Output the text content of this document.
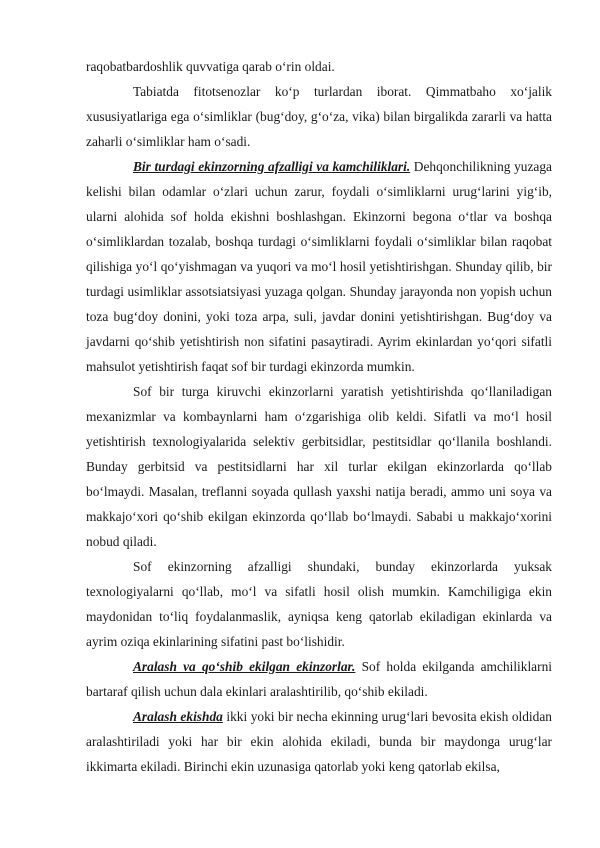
raqobatbardoshlik quvvatiga qarab o‘rin oldai.

Tabiatda fitotsenozlar ko‘p turlardan iborat. Qimmatbaho xo‘jalik xususiyatlariga ega o‘simliklar (bug‘doy, g‘o‘za, vika) bilan birgalikda zararli va hatta zaharli o‘simliklar ham o‘sadi.

Bir turdagi ekinzorning afzalligi va kamchiliklari. Dehqonchilikning yuzaga kelishi bilan odamlar o‘zlari uchun zarur, foydali o‘simliklarni urug‘larini yig‘ib, ularni alohida sof holda ekishni boshlashgan. Ekinzorni begona o‘tlar va boshqa o‘simliklardan tozalab, boshqa turdagi o‘simliklarni foydali o‘simliklar bilan raqobat qilishiga yo‘l qo‘yishmagan va yuqori va mo‘l hosil yetishtirishgan. Shunday qilib, bir turdagi usimliklar assotsiatsiyasi yuzaga qolgan. Shunday jarayonda non yopish uchun toza bug‘doy donini, yoki toza arpa, suli, javdar donini yetishtirishgan. Bug‘doy va javdarni qo‘shib yetishtirish non sifatini pasaytiradi. Ayrim ekinlardan yo‘qori sifatli mahsulot yetishtirish faqat sof bir turdagi ekinzorda mumkin.

Sof bir turga kiruvchi ekinzorlarni yaratish yetishtirishda qo‘llaniladigan mexanizmlar va kombaynlarni ham o‘zgarishiga olib keldi. Sifatli va mo‘l hosil yetishtirish texnologiyalarida selektiv gerbitsidlar, pestitsidlar qo‘llanila boshlandi. Bunday gerbitsid va pestitsidlarni har xil turlar ekilgan ekinzorlarda qo‘llab bo‘lmaydi. Masalan, treflanni soyada qullash yaxshi natija beradi, ammo uni soya va makkajo‘xori qo‘shib ekilgan ekinzorda qo‘llab bo‘lmaydi. Sababi u makkajo‘xorini nobud qiladi.

Sof ekinzorning afzalligi shundaki, bunday ekinzorlarda yuksak texnologiyalarni qo‘llab, mo‘l va sifatli hosil olish mumkin. Kamchiligiga ekin maydonidan to‘liq foydalanmaslik, ayniqsa keng qatorlab ekiladigan ekinlarda va ayrim oziqa ekinlarining sifatini past bo‘lishidir.

Aralash va qo‘shib ekilgan ekinzorlar. Sof holda ekilganda amchiliklarni bartaraf qilish uchun dala ekinlari aralashtirilib, qo‘shib ekiladi.

Aralash ekishda ikki yoki bir necha ekinning urug‘lari bevosita ekish oldidan aralashtiriladi yoki har bir ekin alohida ekiladi, bunda bir maydonga urug‘lar ikkimarta ekiladi. Birinchi ekin uzunasiga qatorlab yoki keng qatorlab ekilsa,
